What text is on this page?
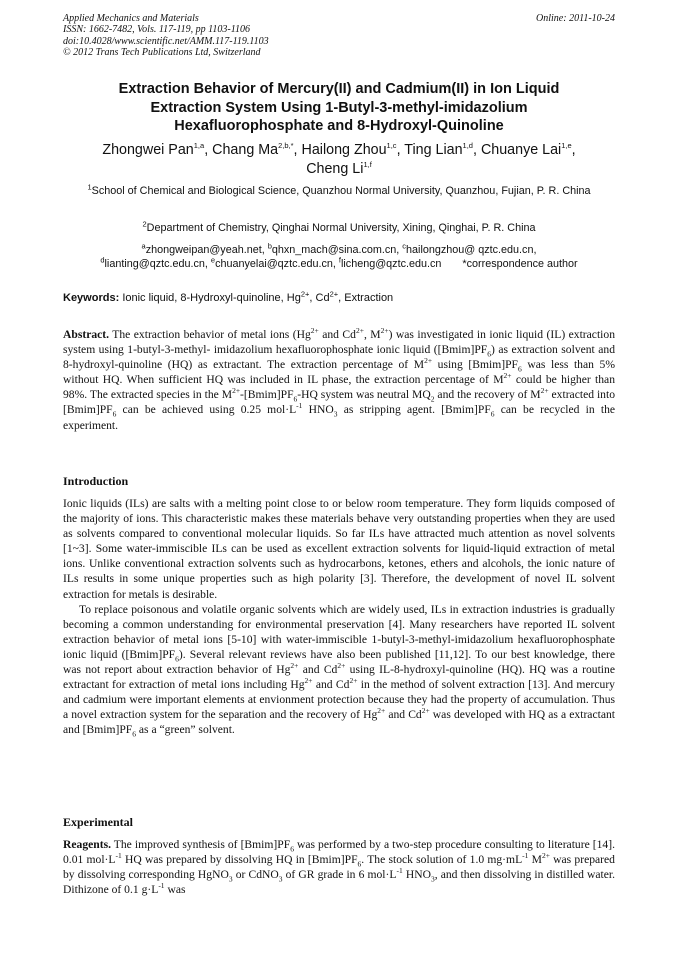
Applied Mechanics and Materials
ISSN: 1662-7482, Vols. 117-119, pp 1103-1106
doi:10.4028/www.scientific.net/AMM.117-119.1103
© 2012 Trans Tech Publications Ltd, Switzerland
Online: 2011-10-24
Extraction Behavior of Mercury(II) and Cadmium(II) in Ion Liquid
Extraction System Using 1-Butyl-3-methyl-imidazolium
Hexafluorophosphate and 8-Hydroxyl-Quinoline
Zhongwei Pan$^{1,a}$, Chang $Ma^{2,b,*}$, Hailong Zhou$^{1,c}$, Ting Lian$^{1,d}$, Chuanye Lai$^{1,e}$,
Cheng Li$^{1,f}$
$^1$School of Chemical and Biological Science, Quanzhou Normal University, Quanzhou, Fujian, P. R. China
$^2$Department of Chemistry, Qinghai Normal University, Xining, Qinghai, P. R. China
$^a$zhongweipan@yeah.net, $^b$qhxn_mach@sina.com.cn, $^c$hailongzhou@ qztc.edu.cn,
$^d$lianting@qztc.edu.cn, $^e$chuanyelai@qztc.edu.cn, $^f$licheng@qztc.edu.cn *correspondence author
Keywords: Ionic liquid, 8-Hydroxyl-quinoline, $Hg^{2+}$, $Cd^{2+}$, Extraction

Abstract. The extraction behavior of metal ions ($Hg^{2+}$ and $Cd^{2+}$, $M^{2+}$) was investigated in ionic liquid (IL) extraction system using 1-butyl-3-methyl- imidazolium hexafluorophosphate ionic liquid $([Bmim]PF_6)$ as extraction solvent and 8-hydroxyl-quinoline (HQ) as extractant. The extraction percentage of $M^{2+}$ using $[Bmim]PF_6$ was less than 5% without HQ. When sufficient HQ was included in IL phase, the extraction percentage of $M^{2+}$ could be higher than 98%. The extracted species in the $M^{2+}-[Bmim]PF_6-HQ$ system was neutral $MQ_2$ and the recovery of $M^{2+}$ extracted into $[Bmim]PF_6$ can be achieved using 0.25 $mol\cdot L^{-1}$ $HNO_3$ as stripping agent. $[Bmim]PF_6$ can be recycled in the experiment.

Introduction

Ionic liquids (ILs) are salts with a melting point close to or below room temperature. They form liquids composed of the majority of ions. This characteristic makes these materials behave very outstanding properties when they are used as solvents compared to conventional molecular liquids. So far ILs have attracted much attention as novel solvents [1~3]. Some water-immiscible ILs can be used as excellent extraction solvents for liquid-liquid extraction of metal ions. Unlike conventional extraction solvents such as hydrocarbons, ketones, ethers and alcohols, the ionic nature of ILs results in some unique properties such as high polarity [3]. Therefore, the development of novel IL solvent extraction for metals is desirable.

To replace poisonous and volatile organic solvents which are widely used, ILs in extraction industries is gradually becoming a common understanding for environmental preservation [4]. Many researchers have reported IL solvent extraction behavior of metal ions [5-10] with water-immiscible 1-butyl-3-methyl-imidazolium hexafluorophosphate ionic liquid $([Bmim]PF_6)$. Several relevant reviews have also been published [11,12]. To our best knowledge, there was not report about extraction behavior of $Hg^{2+}$ and $Cd^{2+}$ using IL-8-hydroxyl-quinoline (HQ). HQ was a routine extractant for extraction of metal ions including $Hg^{2+}$ and $Cd^{2+}$ in the method of solvent extraction [13]. And mercury and cadmium were important elements at envionment protection because they had the property of accumulation. Thus a novel extraction system for the separation and the recovery of $Hg^{2+}$ and $Cd^{2+}$ was developed with HQ as a extractant and $[Bmim]PF_6$ as a “green” solvent.

Experimental

Reagents. The improved synthesis of $[Bmim]PF_6$ was performed by a two-step procedure consulting to literature [14]. 0.01 $mol\cdot L^{-1}$ HQ was prepared by dissolving HQ in $[Bmim]PF_6$. The stock solution of 1.0 $mg\cdot mL^{-1}$ $M^{2+}$ was prepared by dissolving corresponding HgNO$_3$ or CdNO$_3$ of GR grade in 6 $mol\cdot L^{-1}$ $HNO_3$, and then dissolving in distilled water. Dithizone of 0.1 $g\cdot L^{-1}$ was
